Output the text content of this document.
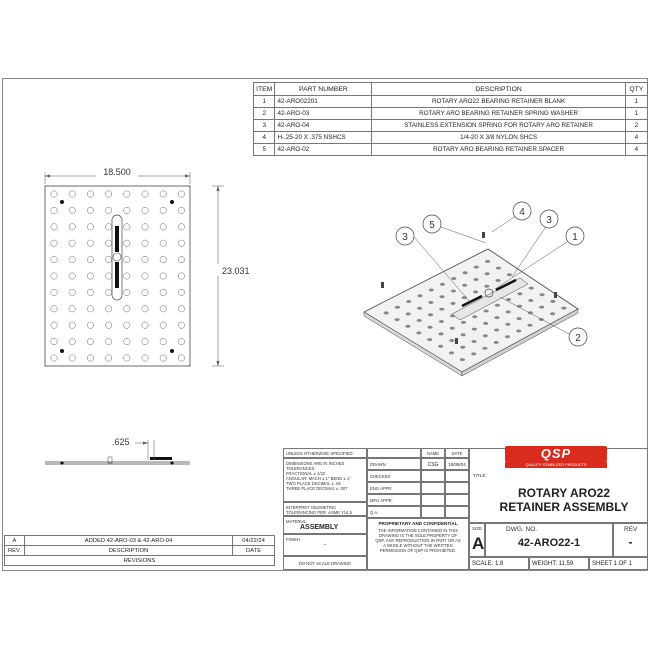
ITEM	PART NUMBER	DESCRIPTION	QTY
1	42-ARO02201	ROTARY ARO22 BEARING RETAINER BLANK	1
2	42-ARO-03	ROTARY ARO BEARING RETAINER SPRING WASHER	1
3	42-ARO-04	STAINLESS EXTENSION SPRING FOR ROTARY ARO RETAINER	2
4	H-.25-20 X .375 NSHCS	1/4-20 X 3/8 NYLON SHCS	4
5	42-ARO-02	ROTARY ARO BEARING RETAINER SPACER	4
18.500
23.031
.625
5
4
3
1
3
2
A	ADDED 42-ARO-03 & 42-ARO-04	04/22/24
REV.	DESCRIPTION	DATE
REVISIONS		
UNLESS OTHERWISE SPECIFIED:
DIMENSIONS ARE IN INCHES
TOLERANCES:
FRACTIONAL ± 1/32
ANGULAR: MACH ± 1° BEND ± 1°
TWO PLACE DECIMAL ± .04
THREE PLACE DECIMAL ± .007
INTERPRET GEOMETRIC
TOLERANCING PER: ASME Y14.5
MATERIAL
ASSEMBLY
FINISH
-
DO NOT SCALE DRAWING
NAME	DATE
DRAWN	CSG	10/09/24
CHECKED
ENG APPR.
MFG APPR.
Q.A.
PROPRIETARY AND CONFIDENTIAL
THE INFORMATION CONTAINED IN THIS
DRAWING IS THE SOLE PROPERTY OF
QSP. ANY REPRODUCTION IN PART OR AS
A WHOLE WITHOUT THE WRITTEN
PERMISSION OF QSP IS PROHIBITED.
TITLE:
SIZE
A
DWG. NO.
42-ARO22-1
REV
-
SCALE: 1:8	WEIGHT: 11.59	SHEET 1 OF 1
QSP
QUALITY STABILIZED PRODUCTS
ROTARY ARO22
RETAINER ASSEMBLY
